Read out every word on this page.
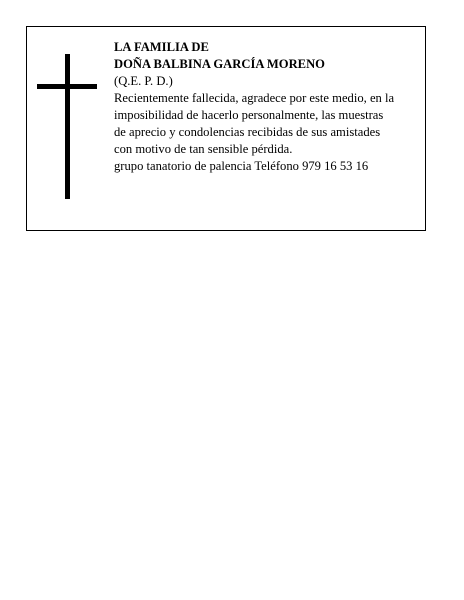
LA FAMILIA DE
DOÑA BALBINA GARCÍA MORENO
(Q.E. P. D.)
Recientemente fallecida, agradece por este medio, en la
imposibilidad de hacerlo personalmente, las muestras
de aprecio y condolencias recibidas de sus amistades
con motivo de tan sensible pérdida.
grupo tanatorio de palencia Teléfono 979 16 53 16
